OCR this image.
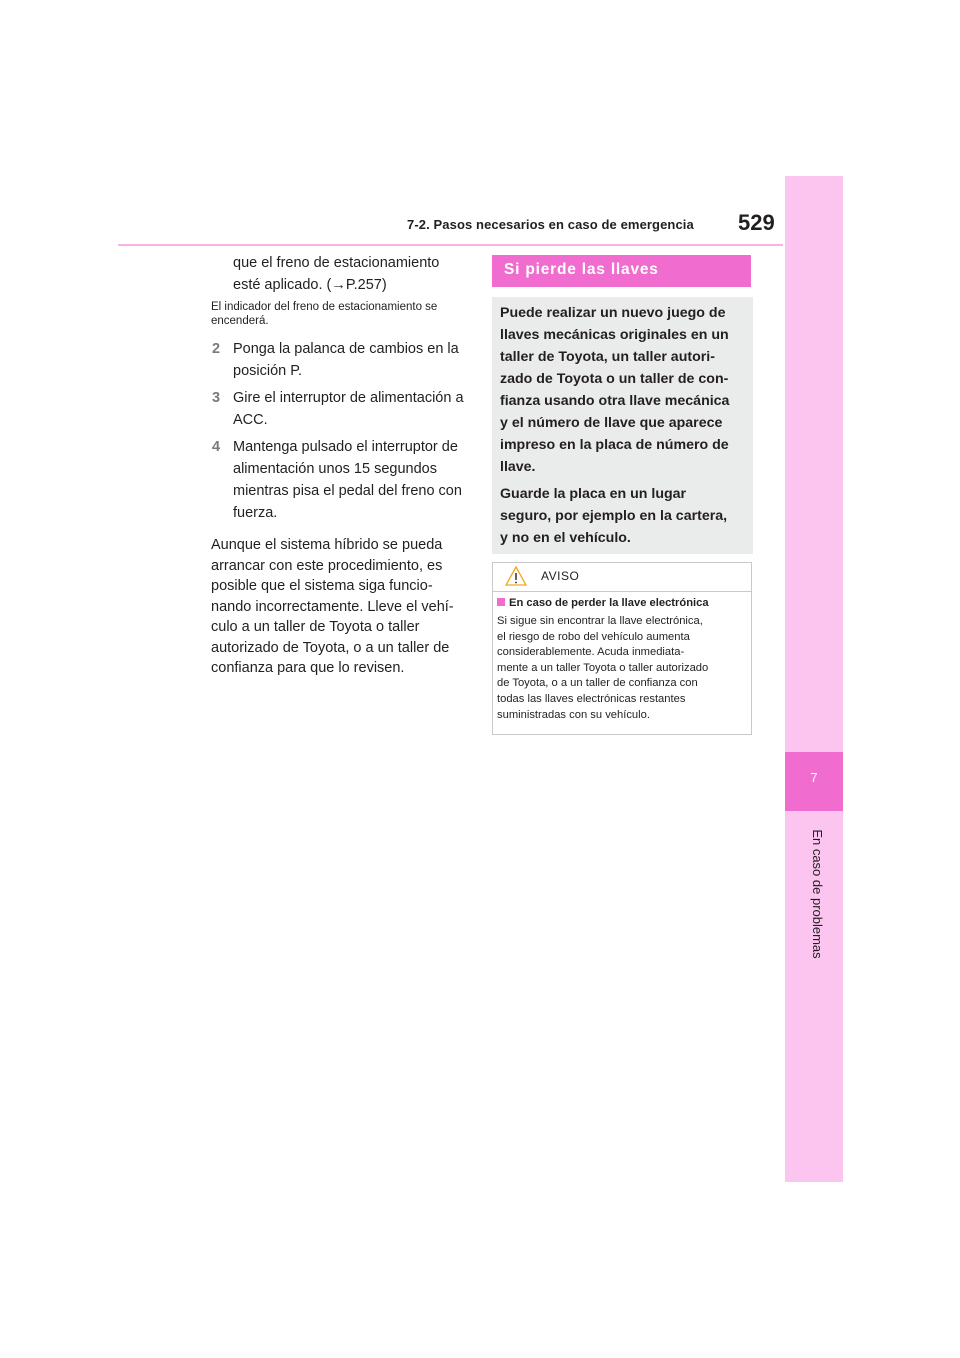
7-2. Pasos necesarios en caso de emergencia 529
7
En caso de problemas
que el freno de estacionamiento
esté aplicado. (→P.257)
El indicador del freno de estacionamiento se
encenderá.
2 Ponga la palanca de cambios en la
posición P.
3 Gire el interruptor de alimentación a
ACC.
4 Mantenga pulsado el interruptor de
alimentación unos 15 segundos
mientras pisa el pedal del freno con
fuerza.
Aunque el sistema híbrido se pueda
arrancar con este procedimiento, es
posible que el sistema siga funcio-
nando incorrectamente. Lleve el vehí-
culo a un taller de Toyota o taller
autorizado de Toyota, o a un taller de
confianza para que lo revisen.
Si pierde las llaves

Puede realizar un nuevo juego de
llaves mecánicas originales en un
taller de Toyota, un taller autori-
zado de Toyota o un taller de con-
fianza usando otra llave mecánica
y el número de llave que aparece
impreso en la placa de número de
llave.

Guarde la placa en un lugar
seguro, por ejemplo en la cartera,
y no en el vehículo.

AVISO
En caso de perder la llave electrónica
Si sigue sin encontrar la llave electrónica,
el riesgo de robo del vehículo aumenta
considerablemente. Acuda inmediata-
mente a un taller Toyota o taller autorizado
de Toyota, o a un taller de confianza con
todas las llaves electrónicas restantes
suministradas con su vehículo.
